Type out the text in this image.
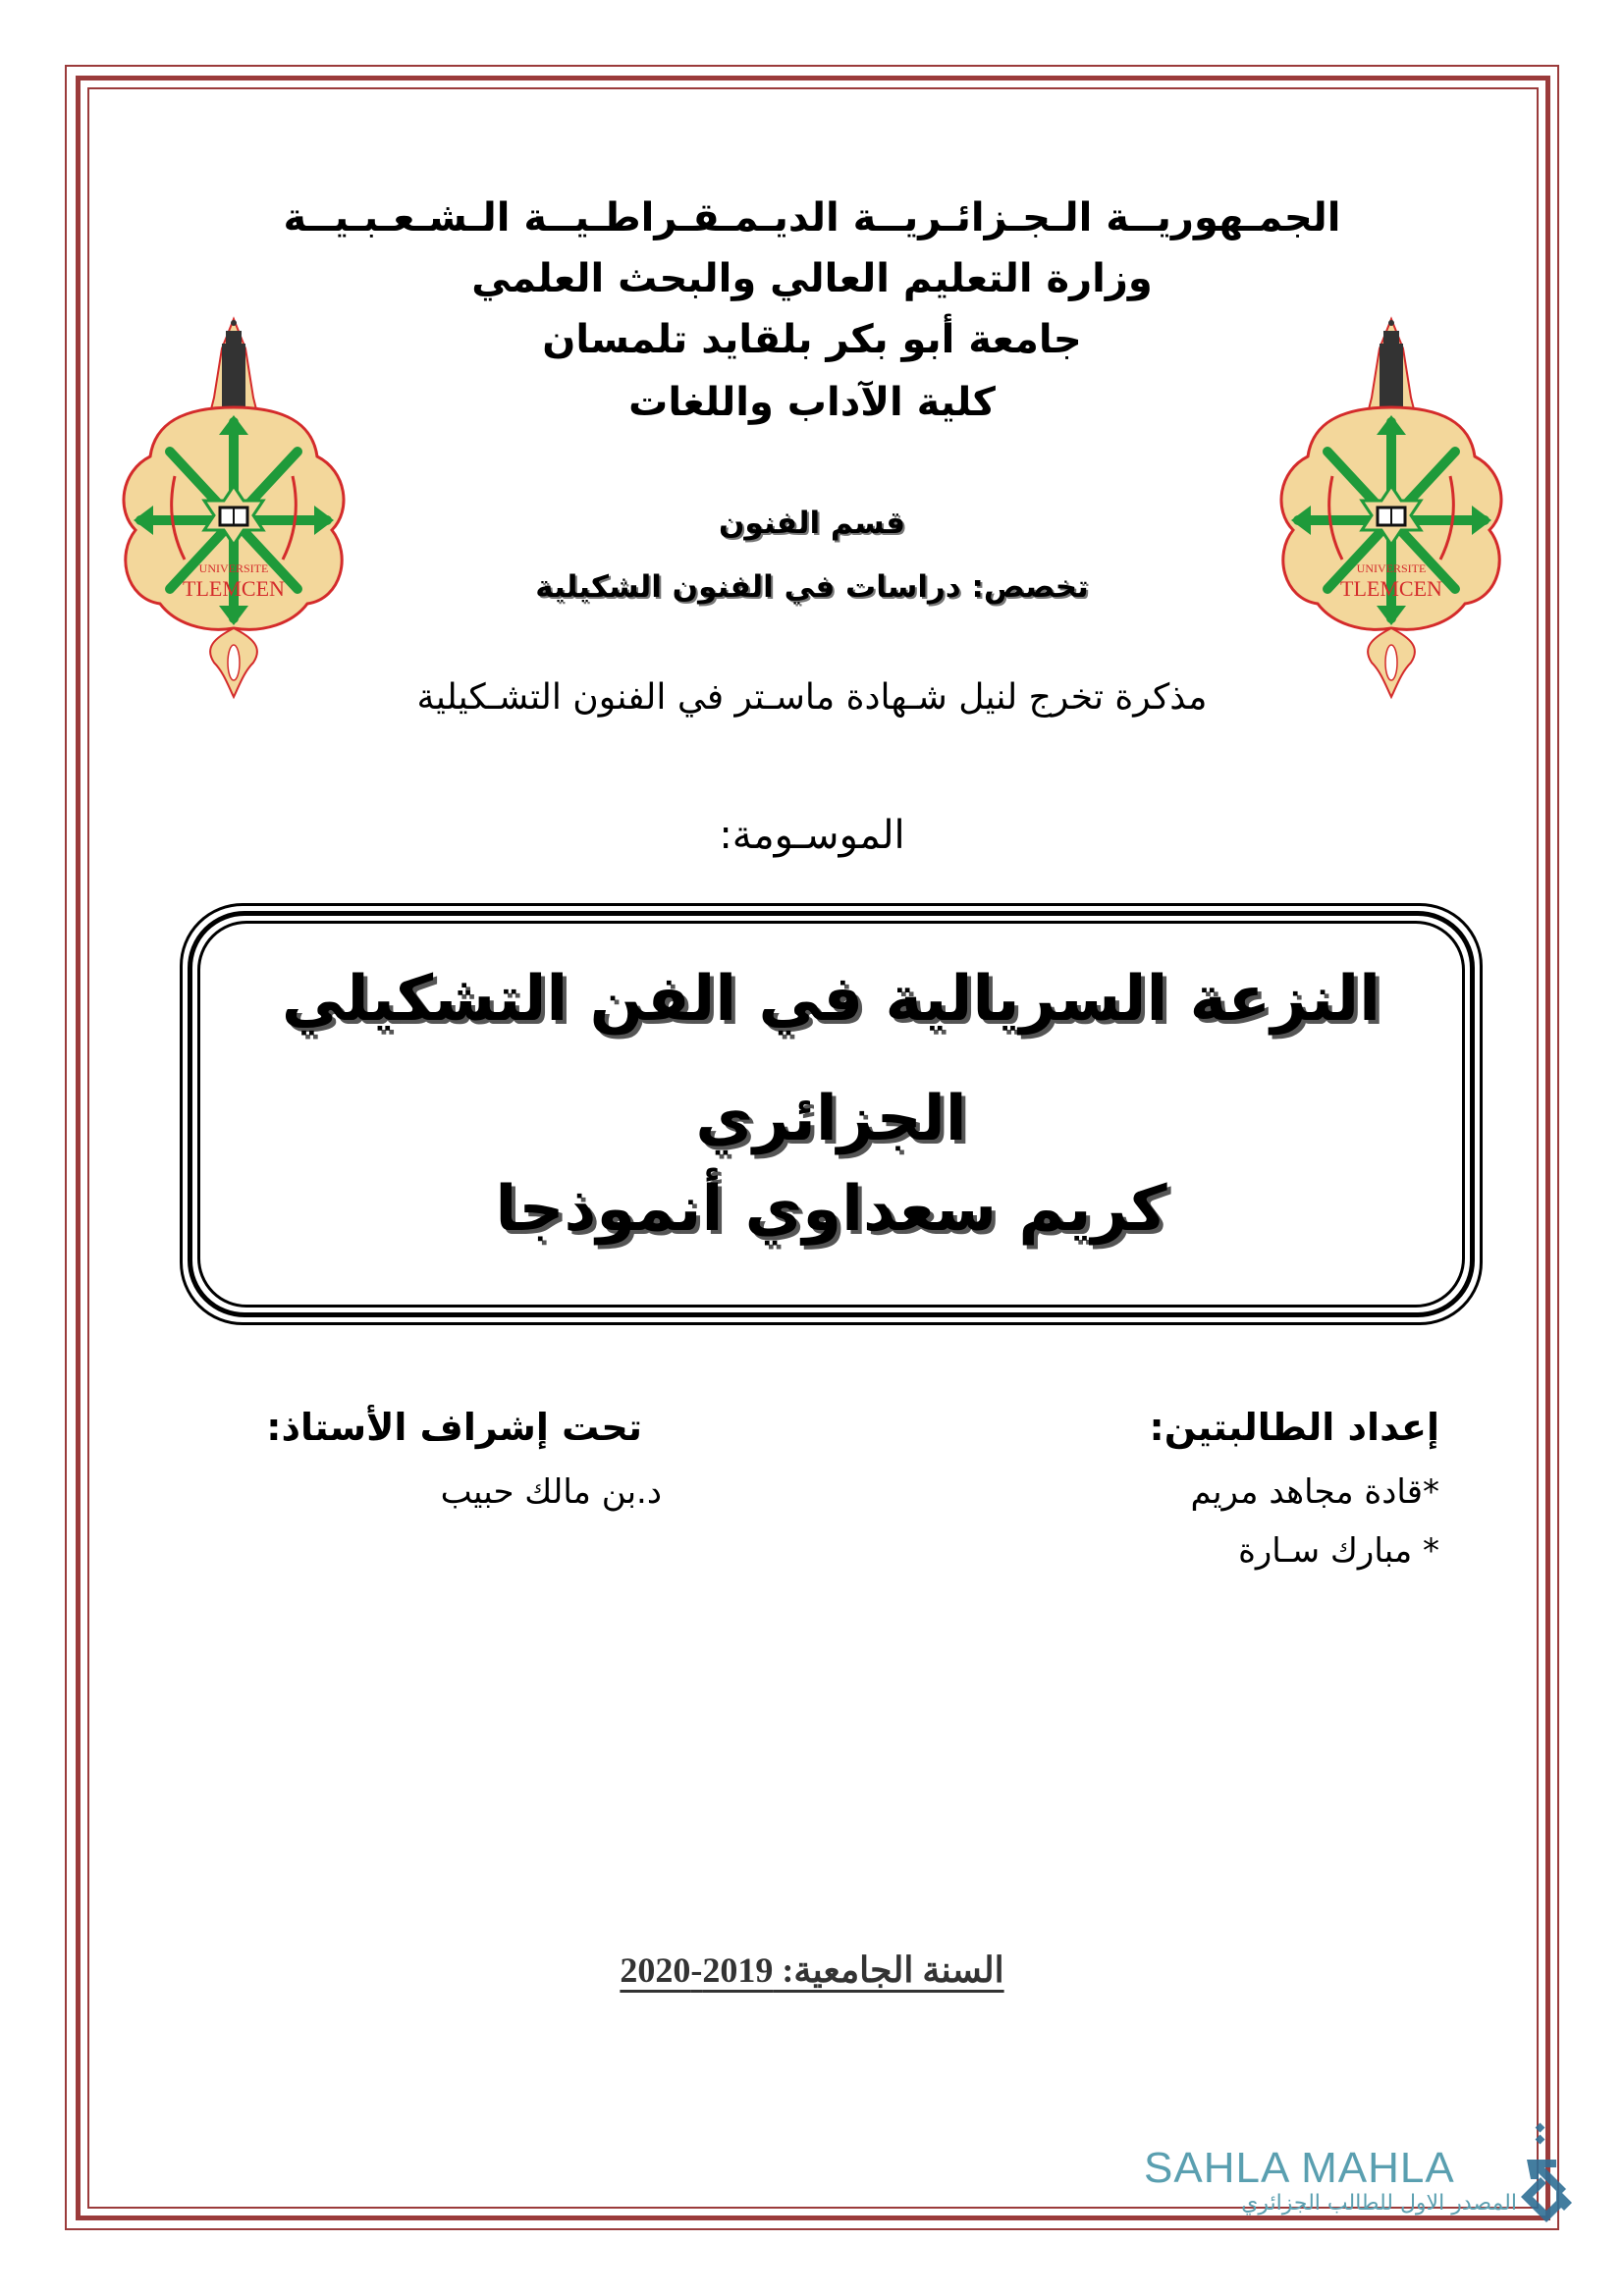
الجمـهوريــة الـجـزائـريــة الديـمـقـراطـيــة الـشـعـبـيــة
وزارة التعليم العالي والبحث العلمي
جامعة أبو بكر بلقايد تلمسان
كلية الآداب واللغات
UNIVERSITE
TLEMCEN
UNIVERSITE
TLEMCEN
قسم الفنون
تخصص: دراسات في الفنون الشكيلية
مذكرة تخرج لنيل شـهادة ماسـتر في الفنون التشـكيلية
الموسـومة:
النزعة السريالية في الفن التشكيلي
الجزائري
كريم سعداوي أنموذجا
إعداد الطالبتين:
*قادة مجاهد مريم
* مبارك سـارة
تحت إشراف الأستاذ:
د.بن مالك حبيب
السنة الجامعية: 2019-2020
SAHLA MAHLA
المصدر الاول للطالب الجزائري
